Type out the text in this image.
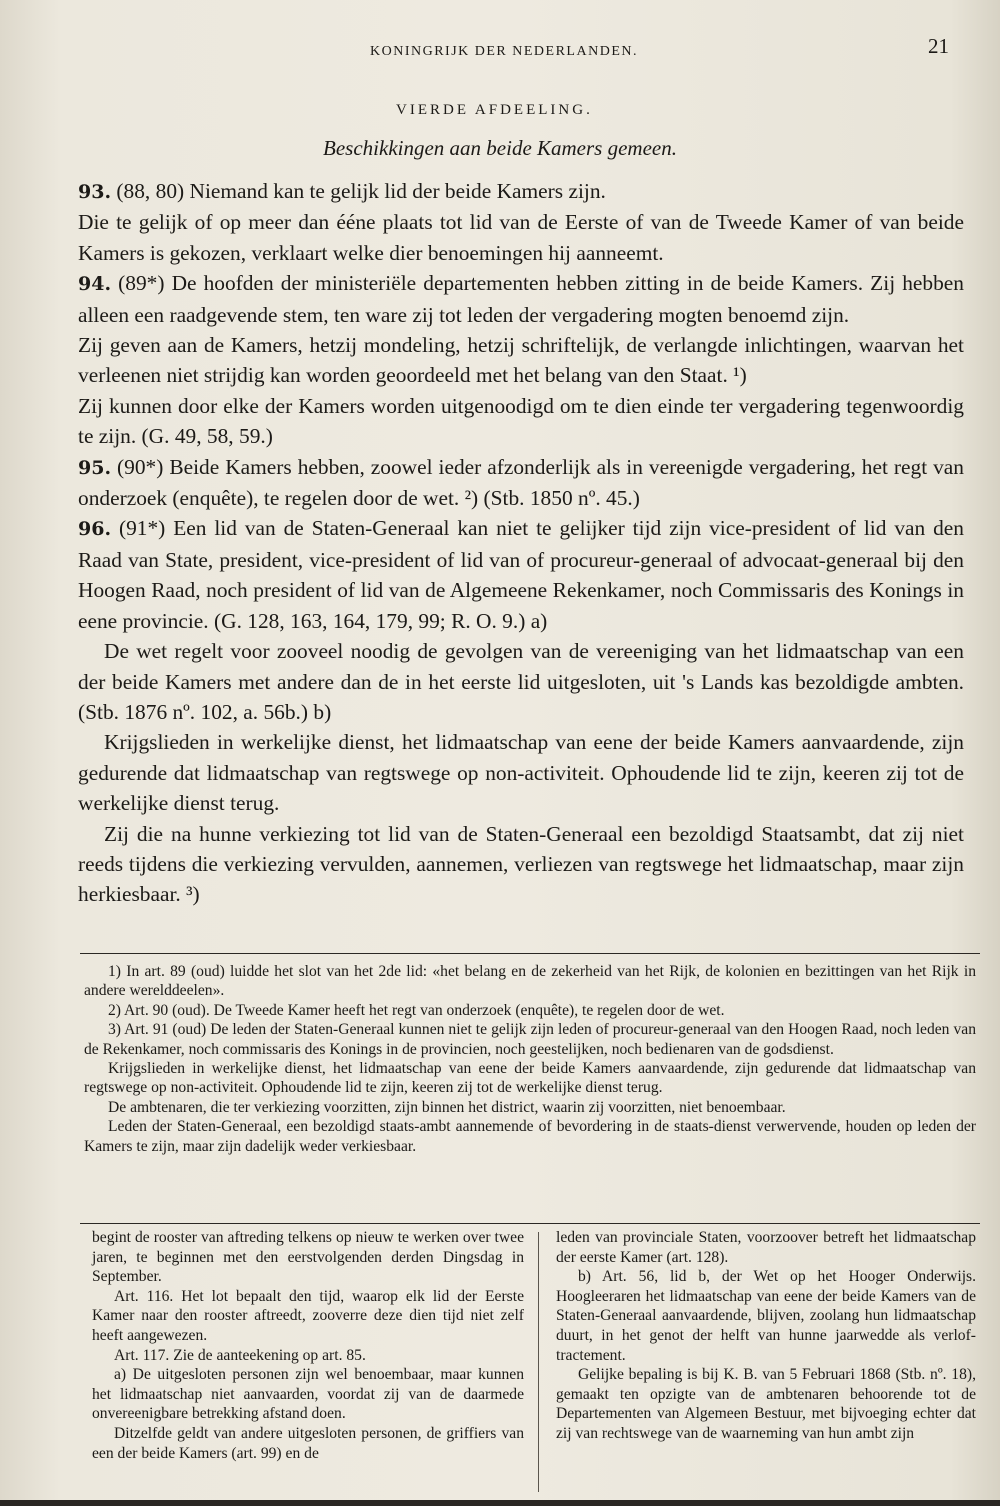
KONINGRIJK DER NEDERLANDEN.	21
VIERDE AFDEELING.
Beschikkingen aan beide Kamers gemeen.

93. (88, 80) Niemand kan te gelijk lid der beide Kamers zijn.

Die te gelijk of op meer dan ééne plaats tot lid van de Eerste of van de Tweede Kamer of van beide Kamers is gekozen, verklaart welke dier benoemingen hij aanneemt.

94. (89*) De hoofden der ministeriële departementen hebben zitting in de beide Kamers. Zij hebben alleen een raadgevende stem, ten ware zij tot leden der vergadering mogten benoemd zijn.

Zij geven aan de Kamers, hetzij mondeling, hetzij schriftelijk, de verlangde inlichtingen, waarvan het verleenen niet strijdig kan worden geoordeeld met het belang van den Staat. ¹)

Zij kunnen door elke der Kamers worden uitgenoodigd om te dien einde ter vergadering tegenwoordig te zijn. (G. 49, 58, 59.)

95. (90*) Beide Kamers hebben, zoowel ieder afzonderlijk als in vereenigde vergadering, het regt van onderzoek (enquête), te regelen door de wet. ²) (Stb. 1850 nº. 45.)

96. (91*) Een lid van de Staten-Generaal kan niet te gelijker tijd zijn vice-president of lid van den Raad van State, president, vice-president of lid van of procureur-generaal of advocaat-generaal bij den Hoogen Raad, noch president of lid van de Algemeene Rekenkamer, noch Commissaris des Konings in eene provincie. (G. 128, 163, 164, 179, 99; R. O. 9.) a)

De wet regelt voor zooveel noodig de gevolgen van de vereeniging van het lidmaatschap van een der beide Kamers met andere dan de in het eerste lid uitgesloten, uit 's Lands kas bezoldigde ambten. (Stb. 1876 nº. 102, a. 56b.) b)

Krijgslieden in werkelijke dienst, het lidmaatschap van eene der beide Kamers aanvaardende, zijn gedurende dat lidmaatschap van regtswege op non-activiteit. Ophoudende lid te zijn, keeren zij tot de werkelijke dienst terug.

Zij die na hunne verkiezing tot lid van de Staten-Generaal een bezoldigd Staatsambt, dat zij niet reeds tijdens die verkiezing vervulden, aannemen, verliezen van regtswege het lidmaatschap, maar zijn herkiesbaar. ³)

1) In art. 89 (oud) luidde het slot van het 2de lid: «het belang en de zekerheid van het Rijk, de kolonien en bezittingen van het Rijk in andere werelddeelen».

2) Art. 90 (oud). De Tweede Kamer heeft het regt van onderzoek (enquête), te regelen door de wet.

3) Art. 91 (oud) De leden der Staten-Generaal kunnen niet te gelijk zijn leden of procureur-generaal van den Hoogen Raad, noch leden van de Rekenkamer, noch commissaris des Konings in de provincien, noch geestelijken, noch bedienaren van de godsdienst.

Krijgslieden in werkelijke dienst, het lidmaatschap van eene der beide Kamers aanvaardende, zijn gedurende dat lidmaatschap van regtswege op non-activiteit. Ophoudende lid te zijn, keeren zij tot de werkelijke dienst terug.

De ambtenaren, die ter verkiezing voorzitten, zijn binnen het district, waarin zij voorzitten, niet benoembaar.

Leden der Staten-Generaal, een bezoldigd staats-ambt aannemende of bevordering in de staats-dienst verwervende, houden op leden der Kamers te zijn, maar zijn dadelijk weder verkiesbaar.

begint de rooster van aftreding telkens op nieuw te werken over twee jaren, te beginnen met den eerstvolgenden derden Dingsdag in September.

Art. 116. Het lot bepaalt den tijd, waarop elk lid der Eerste Kamer naar den rooster aftreedt, zooverre deze dien tijd niet zelf heeft aangewezen.

Art. 117. Zie de aanteekening op art. 85.

a) De uitgesloten personen zijn wel benoembaar, maar kunnen het lidmaatschap niet aanvaarden, voordat zij van de daarmede onvereenigbare betrekking afstand doen.

Ditzelfde geldt van andere uitgesloten personen, de griffiers van een der beide Kamers (art. 99) en de

leden van provinciale Staten, voorzoover betreft het lidmaatschap der eerste Kamer (art. 128).

b) Art. 56, lid b, der Wet op het Hooger Onderwijs. Hoogleeraren het lidmaatschap van eene der beide Kamers van de Staten-Generaal aanvaardende, blijven, zoolang hun lidmaatschap duurt, in het genot der helft van hunne jaarwedde als verlof-tractement.

Gelijke bepaling is bij K. B. van 5 Februari 1868 (Stb. nº. 18), gemaakt ten opzigte van de ambtenaren behoorende tot de Departementen van Algemeen Bestuur, met bijvoeging echter dat zij van rechtswege van de waarneming van hun ambt zijn
